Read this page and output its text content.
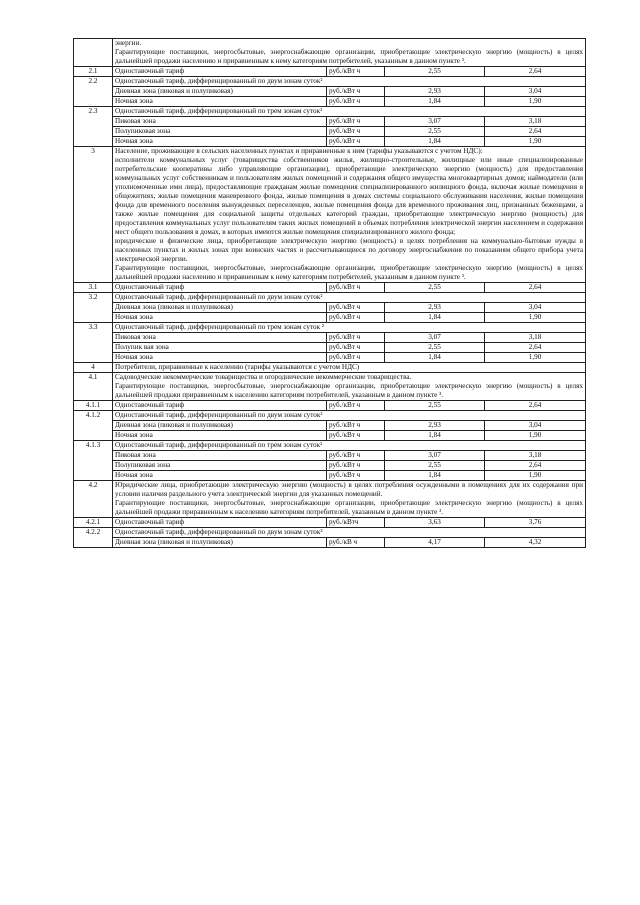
	энергии.
Гарантирующие поставщики, энергосбытовые, энергоснабжающие организации, приобретающие электрическую энергию (мощность) в целях дальнейшей продажи населению и приравненным к нему категориям потребителей, указанным в данном пункте ³.			

2.1	Одноставочный тариф	руб./кВт ч	2,55	2,64
2.2	Одноставочный тариф, дифференцированный по двум зонам суток²			
	Дневная зона (пиковая и полупиковая)	руб./кВт ч	2,93	3,04
	Ночная зона	руб./кВт ч	1,84	1,90
2.3	Одноставочный тариф, дифференцированный по трем зонам суток²			
	Пиковая зона	руб./кВт ч	3,07	3,18
	Полупиковая зона	руб./кВт ч	2,55	2,64
	Ночная зона	руб./кВт ч	1,84	1,90
3	Население, проживающее в сельских населенных пунктах и приравненные к ним (тарифы указываются с учетом НДС):
исполнители коммунальных услуг (товарищества собственников жилья, жилищно-строительные, жилищные или иные специализированные потребительские кооперативы либо управляющие организации), приобретающие электрическую энергию (мощность) для предоставления коммунальных услуг собственникам и пользователям жилых помещений и содержания общего имущества многоквартирных домов; наймодатели (или уполномоченные ими лица), предоставляющие гражданам жилые помещения специализированного жилищного фонда, включая жилые помещения в общежитиях, жилые помещения маневренного фонда, жилые помещения в домах системы социального обслуживания населения, жилые помещения фонда для временного поселения вынужденных переселенцев, жилые помещения фонда для временного проживания лиц, признанных беженцами, а также жилые помещения для социальной защиты отдельных категорий граждан, приобретающие электрическую энергию (мощность) для предоставления коммунальных услуг пользователям таких жилых помещений в объемах потребления электрической энергии населением и содержания мест общего пользования в домах, в которых имеются жилые помещения специализированного жилого фонда;
юридические и физические лица, приобретающие электрическую энергию (мощность) в целях потребления на коммунально-бытовые нужды в населенных пунктах и жилых зонах при воинских частях и рассчитывающиеся по договору энергоснабжения по показаниям общего прибора учета электрической энергии.
Гарантирующие поставщики, энергосбытовые, энергоснабжающие организации, приобретающие электрическую энергию (мощность) в целях дальнейшей продажи населению и приравненным к нему категориям потребителей, указанным в данном пункте ³.			

3.1	Одноставочный тариф	руб./кВт ч	2,55	2,64
3.2	Одноставочный тариф, дифференцированный по двум зонам суток²			
	Дневная зона (пиковая и полупиковая)	руб./кВт ч	2,93	3,04
	Ночная зона	руб./кВт ч	1,84	1,90
3.3	Одноставочный тариф, дифференцированный по трем зонам суток ²			
	Пиковая зона	руб./кВт ч	3,07	3,18
	Полупик вая зона	руб./кВт ч	2,55	2,64
	Ночная зона	руб./кВт ч	1,84	1,90
4	Потребители, приравненные к населению (тарифы указываются с учетом НДС)			

4.1	Садоводческие некоммерческие товарищества и огороднические некоммерческие товарищества.
Гарантирующие поставщики, энергосбытовые, энергоснабжающие организации, приобретающие электрическую энергию (мощность) в целях дальнейшей продажи приравненным к населению категориям потребителей, указанным в данном пункте ³.			

4.1.1	Одноставочный тариф	руб./кВт ч	2,55	2,64
4.1.2	Одноставочный тариф, дифференцированный по двум зонам суток²			
	Дневная зона (пиковая и полупиковая)	руб./кВт ч	2,93	3,04
	Ночная зона	руб./кВт ч	1,84	1,90
4.1.3	Одноставочный тариф, дифференцированный по трем зонам суток²			
	Пиковая зона	руб./кВт ч	3,07	3,18
	Полупиковая зона	руб./кВт ч	2,55	2,64
	Ночная зона	руб./кВт ч	1,84	1,90
4.2	Юридические лица, приобретающие электрическую энергию (мощность) в целях потребления осужденными в помещениях для их содержания при условии наличия раздельного учета электрической энергии для указанных помещений.
Гарантирующие поставщики, энергосбытовые, энергоснабжающие организации, приобретающие электрическую энергию (мощность) в целях дальнейшей продажи приравненным к населению категориям потребителей, указанным в данном пункте ³.			

4.2.1	Одноставочный тариф	руб./кВтч	3,63	3,76
4.2.2	Одноставочный тариф, дифференцированный по двум зонам суток²			
	Дневная зона (пиковая и полупиковая)	руб./кВ ч	4,17	4,32
